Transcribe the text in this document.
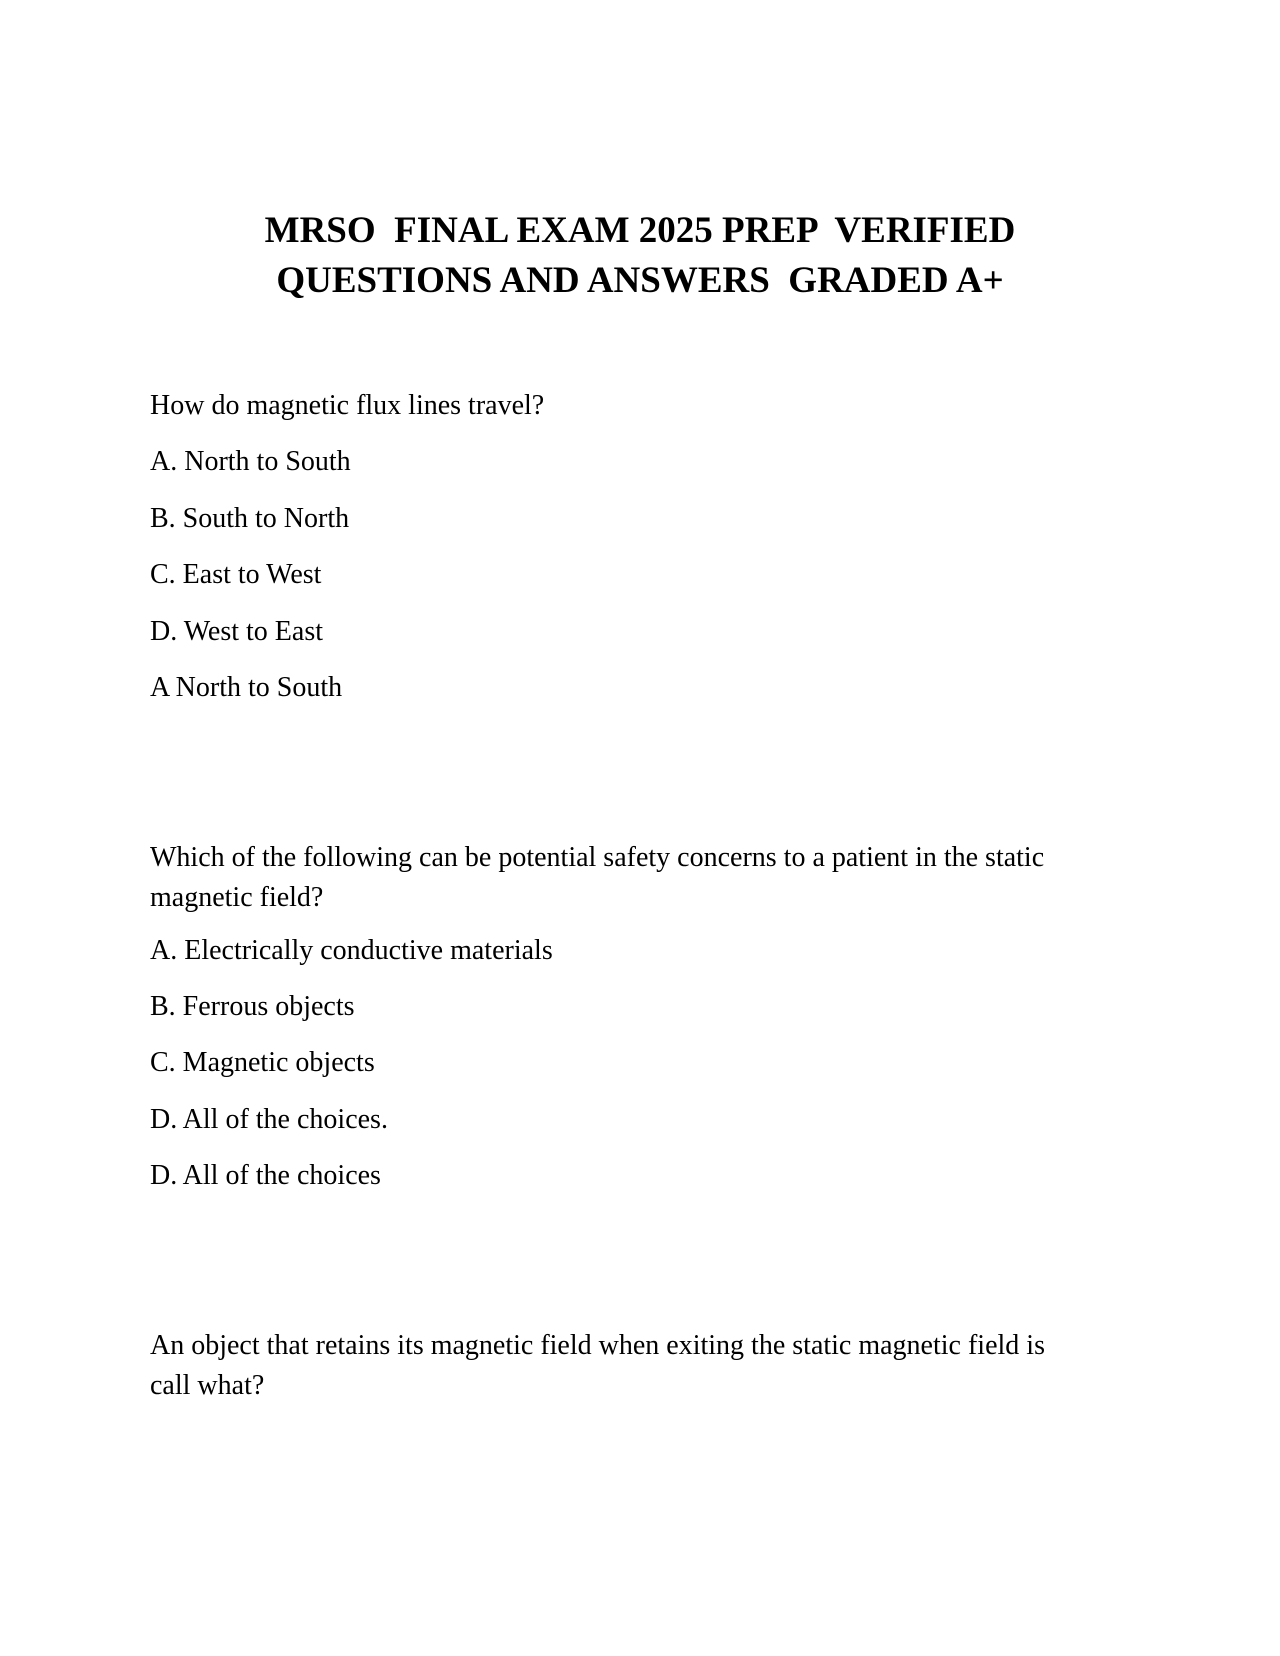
MRSO  FINAL EXAM 2025 PREP  VERIFIED
QUESTIONS AND ANSWERS  GRADED A+
How do magnetic flux lines travel?
A. North to South
B. South to North
C. East to West
D. West to East
A North to South
Which of the following can be potential safety concerns to a patient in the static
magnetic field?
A. Electrically conductive materials
B. Ferrous objects
C. Magnetic objects
D. All of the choices.
D. All of the choices
An object that retains its magnetic field when exiting the static magnetic field is
call what?
